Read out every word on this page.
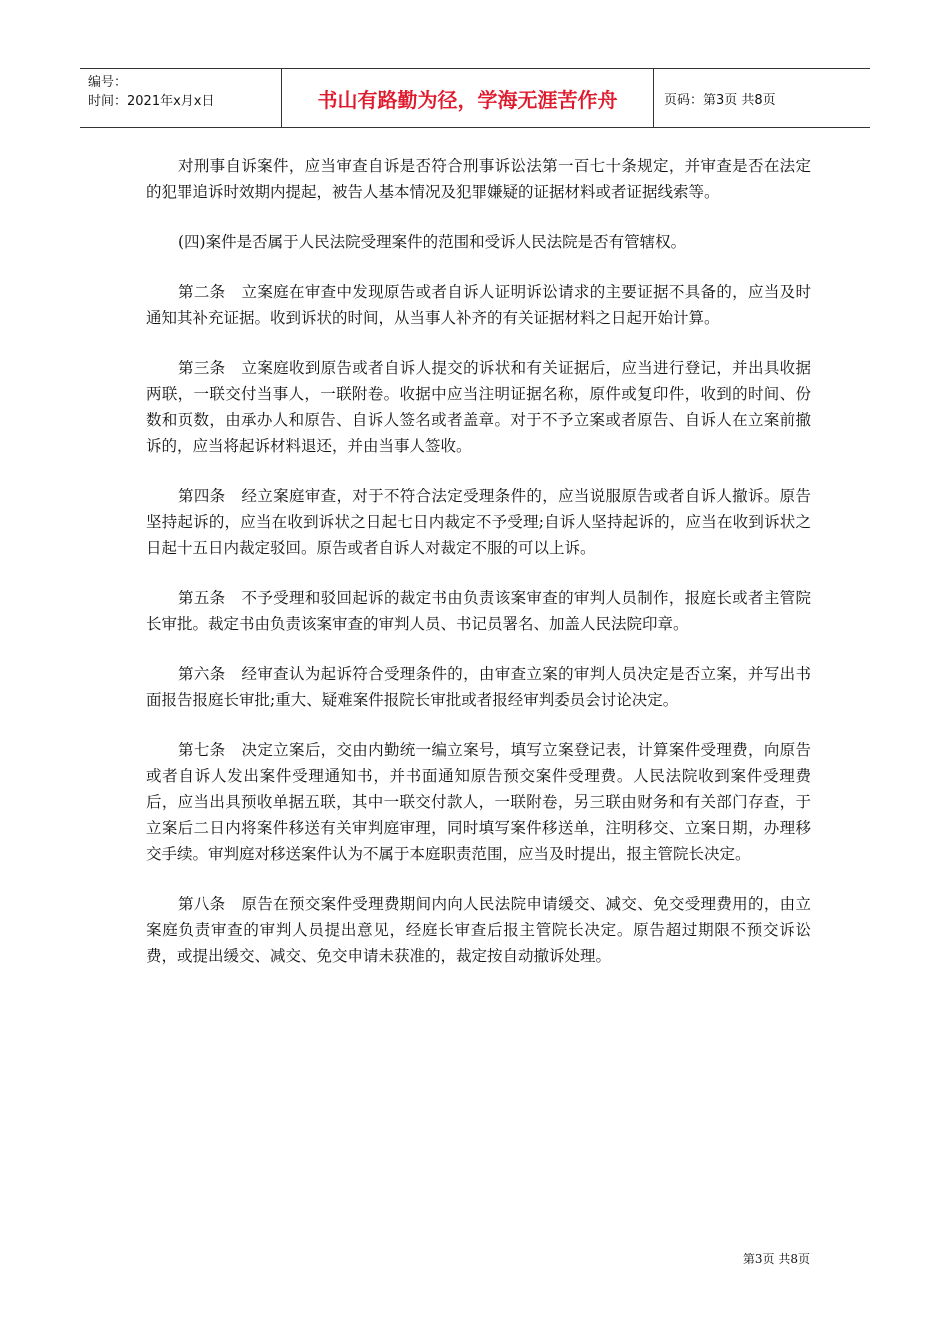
编号：
时间：2021年x月x日	书山有路勤为径，学海无涯苦作舟	页码：第3页 共8页

对刑事自诉案件，应当审查自诉是否符合刑事诉讼法第一百七十条规定，并审查是否在法定的犯罪追诉时效期内提起，被告人基本情况及犯罪嫌疑的证据材料或者证据线索等。

(四)案件是否属于人民法院受理案件的范围和受诉人民法院是否有管辖权。

第二条 立案庭在审查中发现原告或者自诉人证明诉讼请求的主要证据不具备的，应当及时通知其补充证据。收到诉状的时间，从当事人补齐的有关证据材料之日起开始计算。

第三条 立案庭收到原告或者自诉人提交的诉状和有关证据后，应当进行登记，并出具收据两联，一联交付当事人，一联附卷。收据中应当注明证据名称，原件或复印件，收到的时间、份数和页数，由承办人和原告、自诉人签名或者盖章。对于不予立案或者原告、自诉人在立案前撤诉的，应当将起诉材料退还，并由当事人签收。

第四条 经立案庭审查，对于不符合法定受理条件的，应当说服原告或者自诉人撤诉。原告坚持起诉的，应当在收到诉状之日起七日内裁定不予受理;自诉人坚持起诉的，应当在收到诉状之日起十五日内裁定驳回。原告或者自诉人对裁定不服的可以上诉。

第五条 不予受理和驳回起诉的裁定书由负责该案审查的审判人员制作，报庭长或者主管院长审批。裁定书由负责该案审查的审判人员、书记员署名、加盖人民法院印章。

第六条 经审查认为起诉符合受理条件的，由审查立案的审判人员决定是否立案，并写出书面报告报庭长审批;重大、疑难案件报院长审批或者报经审判委员会讨论决定。

第七条 决定立案后，交由内勤统一编立案号，填写立案登记表，计算案件受理费，向原告或者自诉人发出案件受理通知书，并书面通知原告预交案件受理费。人民法院收到案件受理费后，应当出具预收单据五联，其中一联交付款人，一联附卷，另三联由财务和有关部门存查，于立案后二日内将案件移送有关审判庭审理，同时填写案件移送单，注明移交、立案日期，办理移交手续。审判庭对移送案件认为不属于本庭职责范围，应当及时提出，报主管院长决定。

第八条 原告在预交案件受理费期间内向人民法院申请缓交、减交、免交受理费用的，由立案庭负责审查的审判人员提出意见，经庭长审查后报主管院长决定。原告超过期限不预交诉讼费，或提出缓交、减交、免交申请未获准的，裁定按自动撤诉处理。

第3页 共8页
